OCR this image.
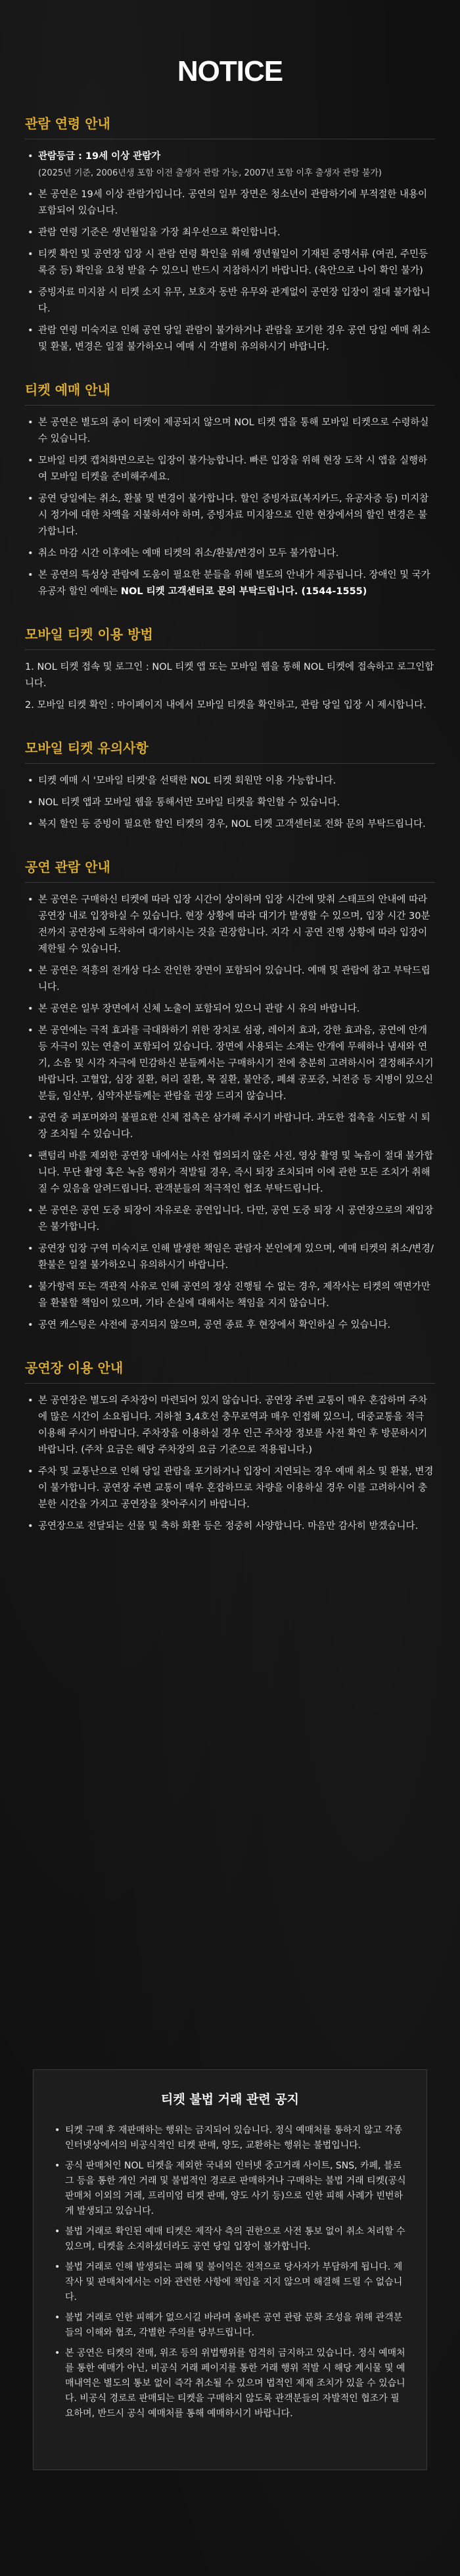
NOTICE
관람 연령 안내
• 관람등급 : 19세 이상 관람가
(2025년 기준, 2006년생 포함 이전 출생자 관람 가능, 2007년 포함 이후 출생자 관람 불가)
• 본 공연은 19세 이상 관람가입니다. 공연의 일부 장면은 청소년이 관람하기에 부적절한 내용이 포함되어 있습니다.
• 관람 연령 기준은 생년월일을 가장 최우선으로 확인합니다.
• 티켓 확인 및 공연장 입장 시 관람 연령 확인을 위해 생년월일이 기재된 증명서류 (여권, 주민등록증 등) 확인을 요청 받을 수 있으니 반드시 지참하시기 바랍니다. (육안으로 나이 확인 불가)
• 증빙자료 미지참 시 티켓 소지 유무, 보호자 동반 유무와 관계없이 공연장 입장이 절대 불가합니다.
• 관람 연령 미숙지로 인해 공연 당일 관람이 불가하거나 관람을 포기한 경우 공연 당일 예매 취소 및 환불, 변경은 일절 불가하오니 예매 시 각별히 유의하시기 바랍니다.
티켓 예매 안내
• 본 공연은 별도의 종이 티켓이 제공되지 않으며 NOL 티켓 앱을 통해 모바일 티켓으로 수령하실 수 있습니다.
• 모바일 티켓 캡처화면으로는 입장이 불가능합니다. 빠른 입장을 위해 현장 도착 시 앱을 실행하여 모바일 티켓을 준비해주세요.
• 공연 당일에는 취소, 환불 및 변경이 불가합니다. 할인 증빙자료(복지카드, 유공자증 등) 미지참 시 정가에 대한 차액을 지불하셔야 하며, 증빙자료 미지참으로 인한 현장에서의 할인 변경은 불가합니다.
• 취소 마감 시간 이후에는 예매 티켓의 취소/환불/변경이 모두 불가합니다.
• 본 공연의 특성상 관람에 도움이 필요한 분들을 위해 별도의 안내가 제공됩니다. 장애인 및 국가유공자 할인 예매는 NOL 티켓 고객센터로 문의 부탁드립니다. (1544-1555)
모바일 티켓 이용 방법
1. NOL 티켓 접속 및 로그인 : NOL 티켓 앱 또는 모바일 웹을 통해 NOL 티켓에 접속하고 로그인합니다.
2. 모바일 티켓 확인 : 마이페이지 내에서 모바일 티켓을 확인하고, 관람 당일 입장 시 제시합니다.
모바일 티켓 유의사항
• 티켓 예매 시 '모바일 티켓'을 선택한 NOL 티켓 회원만 이용 가능합니다.
• NOL 티켓 앱과 모바일 웹을 통해서만 모바일 티켓을 확인할 수 있습니다.
• 복지 할인 등 증빙이 필요한 할인 티켓의 경우, NOL 티켓 고객센터로 전화 문의 부탁드립니다.
공연 관람 안내
• 본 공연은 구매하신 티켓에 따라 입장 시간이 상이하며 입장 시간에 맞춰 스태프의 안내에 따라 공연장 내로 입장하실 수 있습니다. 현장 상황에 따라 대기가 발생할 수 있으며, 입장 시간 30분 전까지 공연장에 도착하여 대기하시는 것을 권장합니다. 지각 시 공연 진행 상황에 따라 입장이 제한될 수 있습니다.
• 본 공연은 적흥의 전개상 다소 잔인한 장면이 포함되어 있습니다. 예매 및 관람에 참고 부탁드립니다.
• 본 공연은 일부 장면에서 신체 노출이 포함되어 있으니 관람 시 유의 바랍니다.
• 본 공연에는 극적 효과를 극대화하기 위한 장치로 섬광, 레이저 효과, 강한 효과음, 공연에 안개 등 자극이 있는 연출이 포함되어 있습니다. 장면에 사용되는 소재는 안개에 무해하나 냄새와 연기, 소음 및 시각 자극에 민감하신 분들께서는 구매하시기 전에 충분히 고려하시어 결정해주시기 바랍니다. 고혈압, 심장 질환, 허리 질환, 목 질환, 불안증, 폐쇄 공포증, 뇌전증 등 지병이 있으신 분들, 임산부, 심약자분들께는 관람을 권장 드리지 않습니다.
• 공연 중 퍼포머와의 불필요한 신체 접촉은 삼가해 주시기 바랍니다. 과도한 접촉을 시도할 시 퇴장 조치될 수 있습니다.
• 팬텀리 바를 제외한 공연장 내에서는 사전 협의되지 않은 사진, 영상 촬영 및 녹음이 절대 불가합니다. 무단 촬영 혹은 녹음 행위가 적발될 경우, 즉시 퇴장 조치되며 이에 관한 모든 조치가 취해질 수 있음을 알려드립니다. 관객분들의 적극적인 협조 부탁드립니다.
• 본 공연은 공연 도중 퇴장이 자유로운 공연입니다. 다만, 공연 도중 퇴장 시 공연장으로의 재입장은 불가합니다.
• 공연장 입장 구역 미숙지로 인해 발생한 책임은 관람자 본인에게 있으며, 예매 티켓의 취소/변경/환불은 일절 불가하오니 유의하시기 바랍니다.
• 불가항력 또는 객관적 사유로 인해 공연의 정상 진행될 수 없는 경우, 제작사는 티켓의 액면가만을 환불할 책임이 있으며, 기타 손실에 대해서는 책임을 지지 않습니다.
• 공연 캐스팅은 사전에 공지되지 않으며, 공연 종료 후 현장에서 확인하실 수 있습니다.
공연장 이용 안내
• 본 공연장은 별도의 주차장이 마련되어 있지 않습니다. 공연장 주변 교통이 매우 혼잡하며 주차에 많은 시간이 소요됩니다. 지하철 3,4호선 충무로역과 매우 인접해 있으니, 대중교통을 적극 이용해 주시기 바랍니다. 주차장을 이용하실 경우 인근 주차장 정보를 사전 확인 후 방문하시기 바랍니다. (주차 요금은 해당 주차장의 요금 기준으로 적용됩니다.)
• 주차 및 교통난으로 인해 당일 관람을 포기하거나 입장이 지연되는 경우 예매 취소 및 환불, 변경이 불가합니다. 공연장 주변 교통이 매우 혼잡하므로 차량을 이용하실 경우 이를 고려하시어 충분한 시간을 가지고 공연장을 찾아주시기 바랍니다.
• 공연장으로 전달되는 선물 및 축하 화환 등은 정중히 사양합니다. 마음만 감사히 받겠습니다.
티켓 불법 거래 관련 공지
• 티켓 구매 후 재판매하는 행위는 금지되어 있습니다. 정식 예매처를 통하지 않고 각종 인터넷상에서의 비공식적인 티켓 판매, 양도, 교환하는 행위는 불법입니다.
• 공식 판매처인 NOL 티켓을 제외한 국내외 인터넷 중고거래 사이트, SNS, 카페, 블로그 등을 통한 개인 거래 및 불법적인 경로로 판매하거나 구매하는 불법 거래 티켓(공식 판매처 이외의 거래, 프리미엄 티켓 판매, 양도 사기 등)으로 인한 피해 사례가 빈번하게 발생되고 있습니다.
• 불법 거래로 확인된 예매 티켓은 제작사 측의 권한으로 사전 통보 없이 취소 처리할 수 있으며, 티켓을 소지하셨더라도 공연 당일 입장이 불가합니다.
• 불법 거래로 인해 발생되는 피해 및 불이익은 전적으로 당사자가 부담하게 됩니다. 제작사 및 판매처에서는 이와 관련한 사항에 책임을 지지 않으며 해결해 드릴 수 없습니다.
• 불법 거래로 인한 피해가 없으시길 바라며 올바른 공연 관람 문화 조성을 위해 관객분들의 이해와 협조, 각별한 주의를 당부드립니다.
• 본 공연은 티켓의 전매, 위조 등의 위법행위를 엄격히 금지하고 있습니다. 정식 예매처를 통한 예매가 아닌, 비공식 거래 페이지를 통한 거래 행위 적발 시 해당 계시물 및 예매내역은 별도의 통보 없이 즉각 취소될 수 있으며 법적인 제재 조치가 있을 수 있습니다. 비공식 경로로 판매되는 티켓을 구매하지 않도록 관객분들의 자발적인 협조가 필요하며, 반드시 공식 예매처를 통해 예매하시기 바랍니다.
